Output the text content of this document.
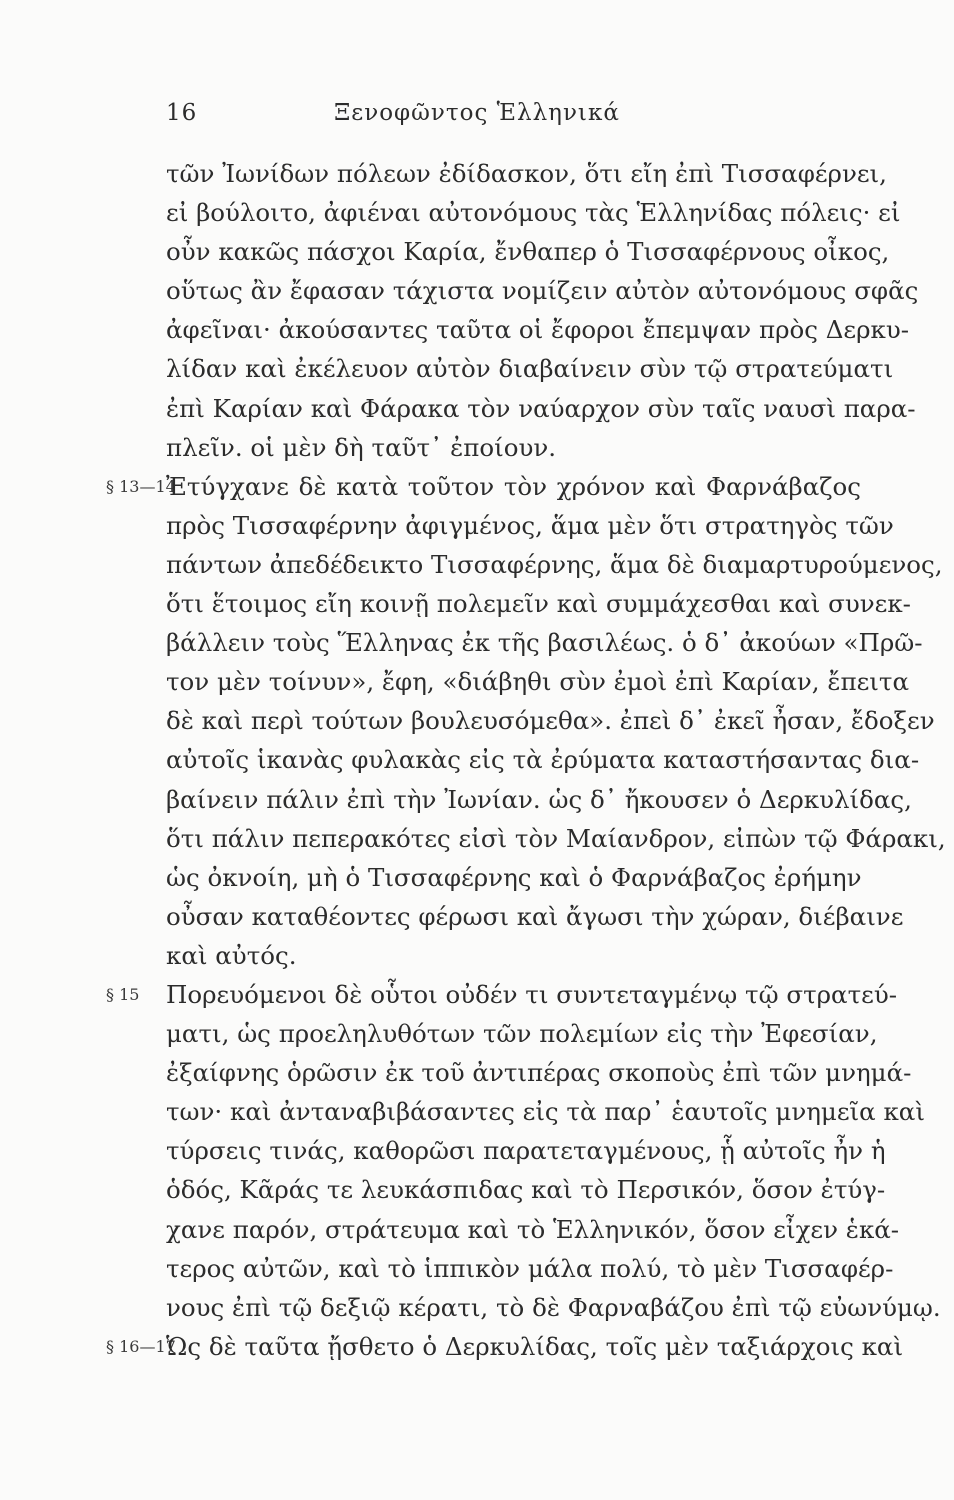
16	Ξενοφῶντος Ἑλληνικά
τῶν Ἰωνίδων πόλεων ἐδίδασκον, ὅτι εἴη ἐπὶ Τισσαφέρνει,
εἰ βούλοιτο, ἀφιέναι αὐτονόμους τὰς Ἑλληνίδας πόλεις· εἰ
οὖν κακῶς πάσχοι Καρία, ἔνθαπερ ὁ Τισσαφέρνους οἶκος,
οὕτως ἂν ἔφασαν τάχιστα νομίζειν αὐτὸν αὐτονόμους σφᾶς
ἀφεῖναι· ἀκούσαντες ταῦτα οἱ ἔφοροι ἔπεμψαν πρὸς Δερκυ-
λίδαν καὶ ἐκέλευον αὐτὸν διαβαίνειν σὺν τῷ στρατεύματι
ἐπὶ Καρίαν καὶ Φάρακα τὸν ναύαρχον σὺν ταῖς ναυσὶ παρα-
πλεῖν. οἱ μὲν δὴ ταῦτ᾽ ἐποίουν.
§ 13—14
Ἐτύγχανε δὲ κατὰ τοῦτον τὸν χρόνον καὶ Φαρνάβαζος
πρὸς Τισσαφέρνην ἀφιγμένος, ἅμα μὲν ὅτι στρατηγὸς τῶν
πάντων ἀπεδέδεικτο Τισσαφέρνης, ἅμα δὲ διαμαρτυρούμενος,
ὅτι ἕτοιμος εἴη κοινῇ πολεμεῖν καὶ συμμάχεσθαι καὶ συνεκ-
βάλλειν τοὺς Ἕλληνας ἐκ τῆς βασιλέως. ὁ δ᾽ ἀκούων «Πρῶ-
τον μὲν τοίνυν», ἔφη, «διάβηθι σὺν ἐμοὶ ἐπὶ Καρίαν, ἔπειτα
δὲ καὶ περὶ τούτων βουλευσόμεθα». ἐπεὶ δ᾽ ἐκεῖ ἦσαν, ἔδοξεν
αὐτοῖς ἱκανὰς φυλακὰς εἰς τὰ ἐρύματα καταστήσαντας δια-
βαίνειν πάλιν ἐπὶ τὴν Ἰωνίαν. ὡς δ᾽ ἤκουσεν ὁ Δερκυλίδας,
ὅτι πάλιν πεπερακότες εἰσὶ τὸν Μαίανδρον, εἰπὼν τῷ Φάρακι,
ὡς ὀκνοίη, μὴ ὁ Τισσαφέρνης καὶ ὁ Φαρνάβαζος ἐρήμην
οὖσαν καταθέοντες φέρωσι καὶ ἄγωσι τὴν χώραν, διέβαινε
καὶ αὐτός.
§ 15 Πορευόμενοι δὲ οὗτοι οὐδέν τι συντεταγμένῳ τῷ στρατεύ-
ματι, ὡς προεληλυθότων τῶν πολεμίων εἰς τὴν Ἐφεσίαν,
ἐξαίφνης ὁρῶσιν ἐκ τοῦ ἀντιπέρας σκοποὺς ἐπὶ τῶν μνημά-
των· καὶ ἀνταναβιβάσαντες εἰς τὰ παρ᾽ ἑαυτοῖς μνημεῖα καὶ
τύρσεις τινάς, καθορῶσι παρατεταγμένους, ᾗ αὐτοῖς ἦν ἡ
ὁδός, Κᾶράς τε λευκάσπιδας καὶ τὸ Περσικόν, ὅσον ἐτύγ-
χανε παρόν, στράτευμα καὶ τὸ Ἑλληνικόν, ὅσον εἶχεν ἑκά-
τερος αὐτῶν, καὶ τὸ ἱππικὸν μάλα πολύ, τὸ μὲν Τισσαφέρ-
νους ἐπὶ τῷ δεξιῷ κέρατι, τὸ δὲ Φαρναβάζου ἐπὶ τῷ εὐωνύμῳ.
§ 16—17
Ὡς δὲ ταῦτα ᾔσθετο ὁ Δερκυλίδας, τοῖς μὲν ταξιάρχοις καὶ
